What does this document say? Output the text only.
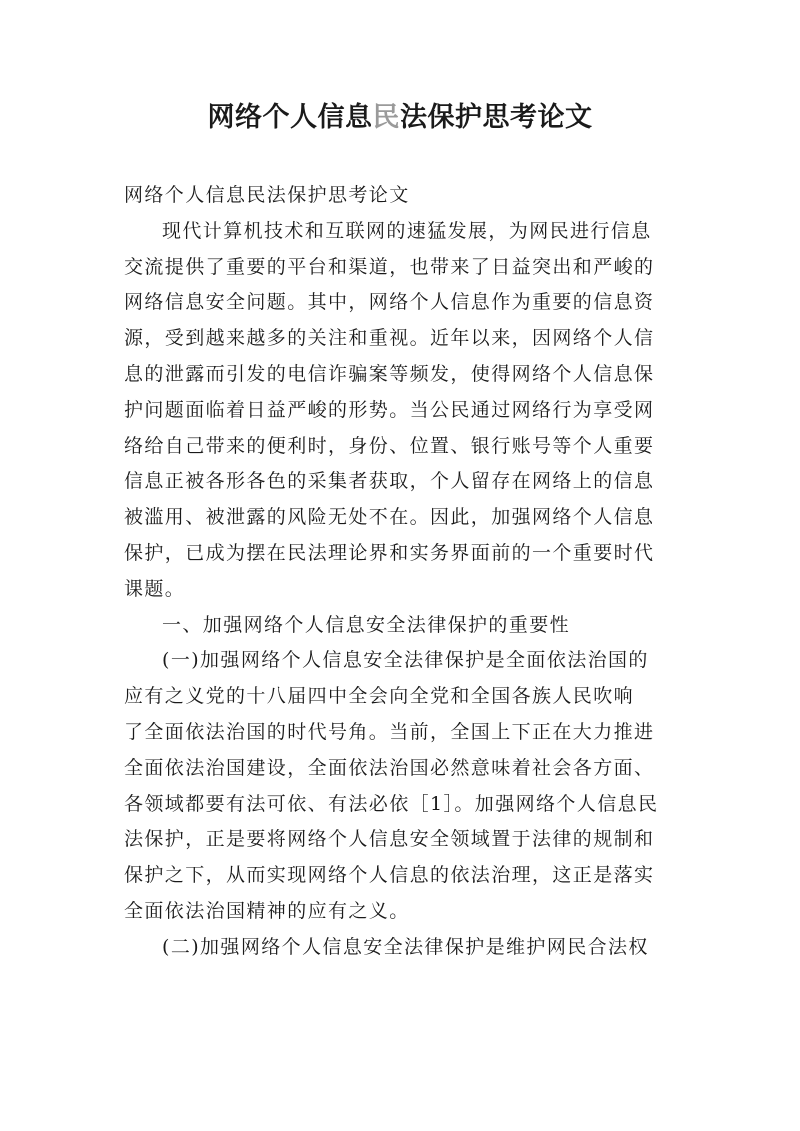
网络个人信息民法保护思考论文
网络个人信息民法保护思考论文
现代计算机技术和互联网的速猛发展，为网民进行信息
交流提供了重要的平台和渠道，也带来了日益突出和严峻的
网络信息安全问题。其中，网络个人信息作为重要的信息资
源，受到越来越多的关注和重视。近年以来，因网络个人信
息的泄露而引发的电信诈骗案等频发，使得网络个人信息保
护问题面临着日益严峻的形势。当公民通过网络行为享受网
络给自己带来的便利时，身份、位置、银行账号等个人重要
信息正被各形各色的采集者获取，个人留存在网络上的信息
被滥用、被泄露的风险无处不在。因此，加强网络个人信息
保护，已成为摆在民法理论界和实务界面前的一个重要时代
课题。
一、加强网络个人信息安全法律保护的重要性
(一)加强网络个人信息安全法律保护是全面依法治国的
应有之义党的十八届四中全会向全党和全国各族人民吹响
了全面依法治国的时代号角。当前，全国上下正在大力推进
全面依法治国建设，全面依法治国必然意味着社会各方面、
各领域都要有法可依、有法必依［1］。加强网络个人信息民
法保护，正是要将网络个人信息安全领域置于法律的规制和
保护之下，从而实现网络个人信息的依法治理，这正是落实
全面依法治国精神的应有之义。
(二)加强网络个人信息安全法律保护是维护网民合法权
